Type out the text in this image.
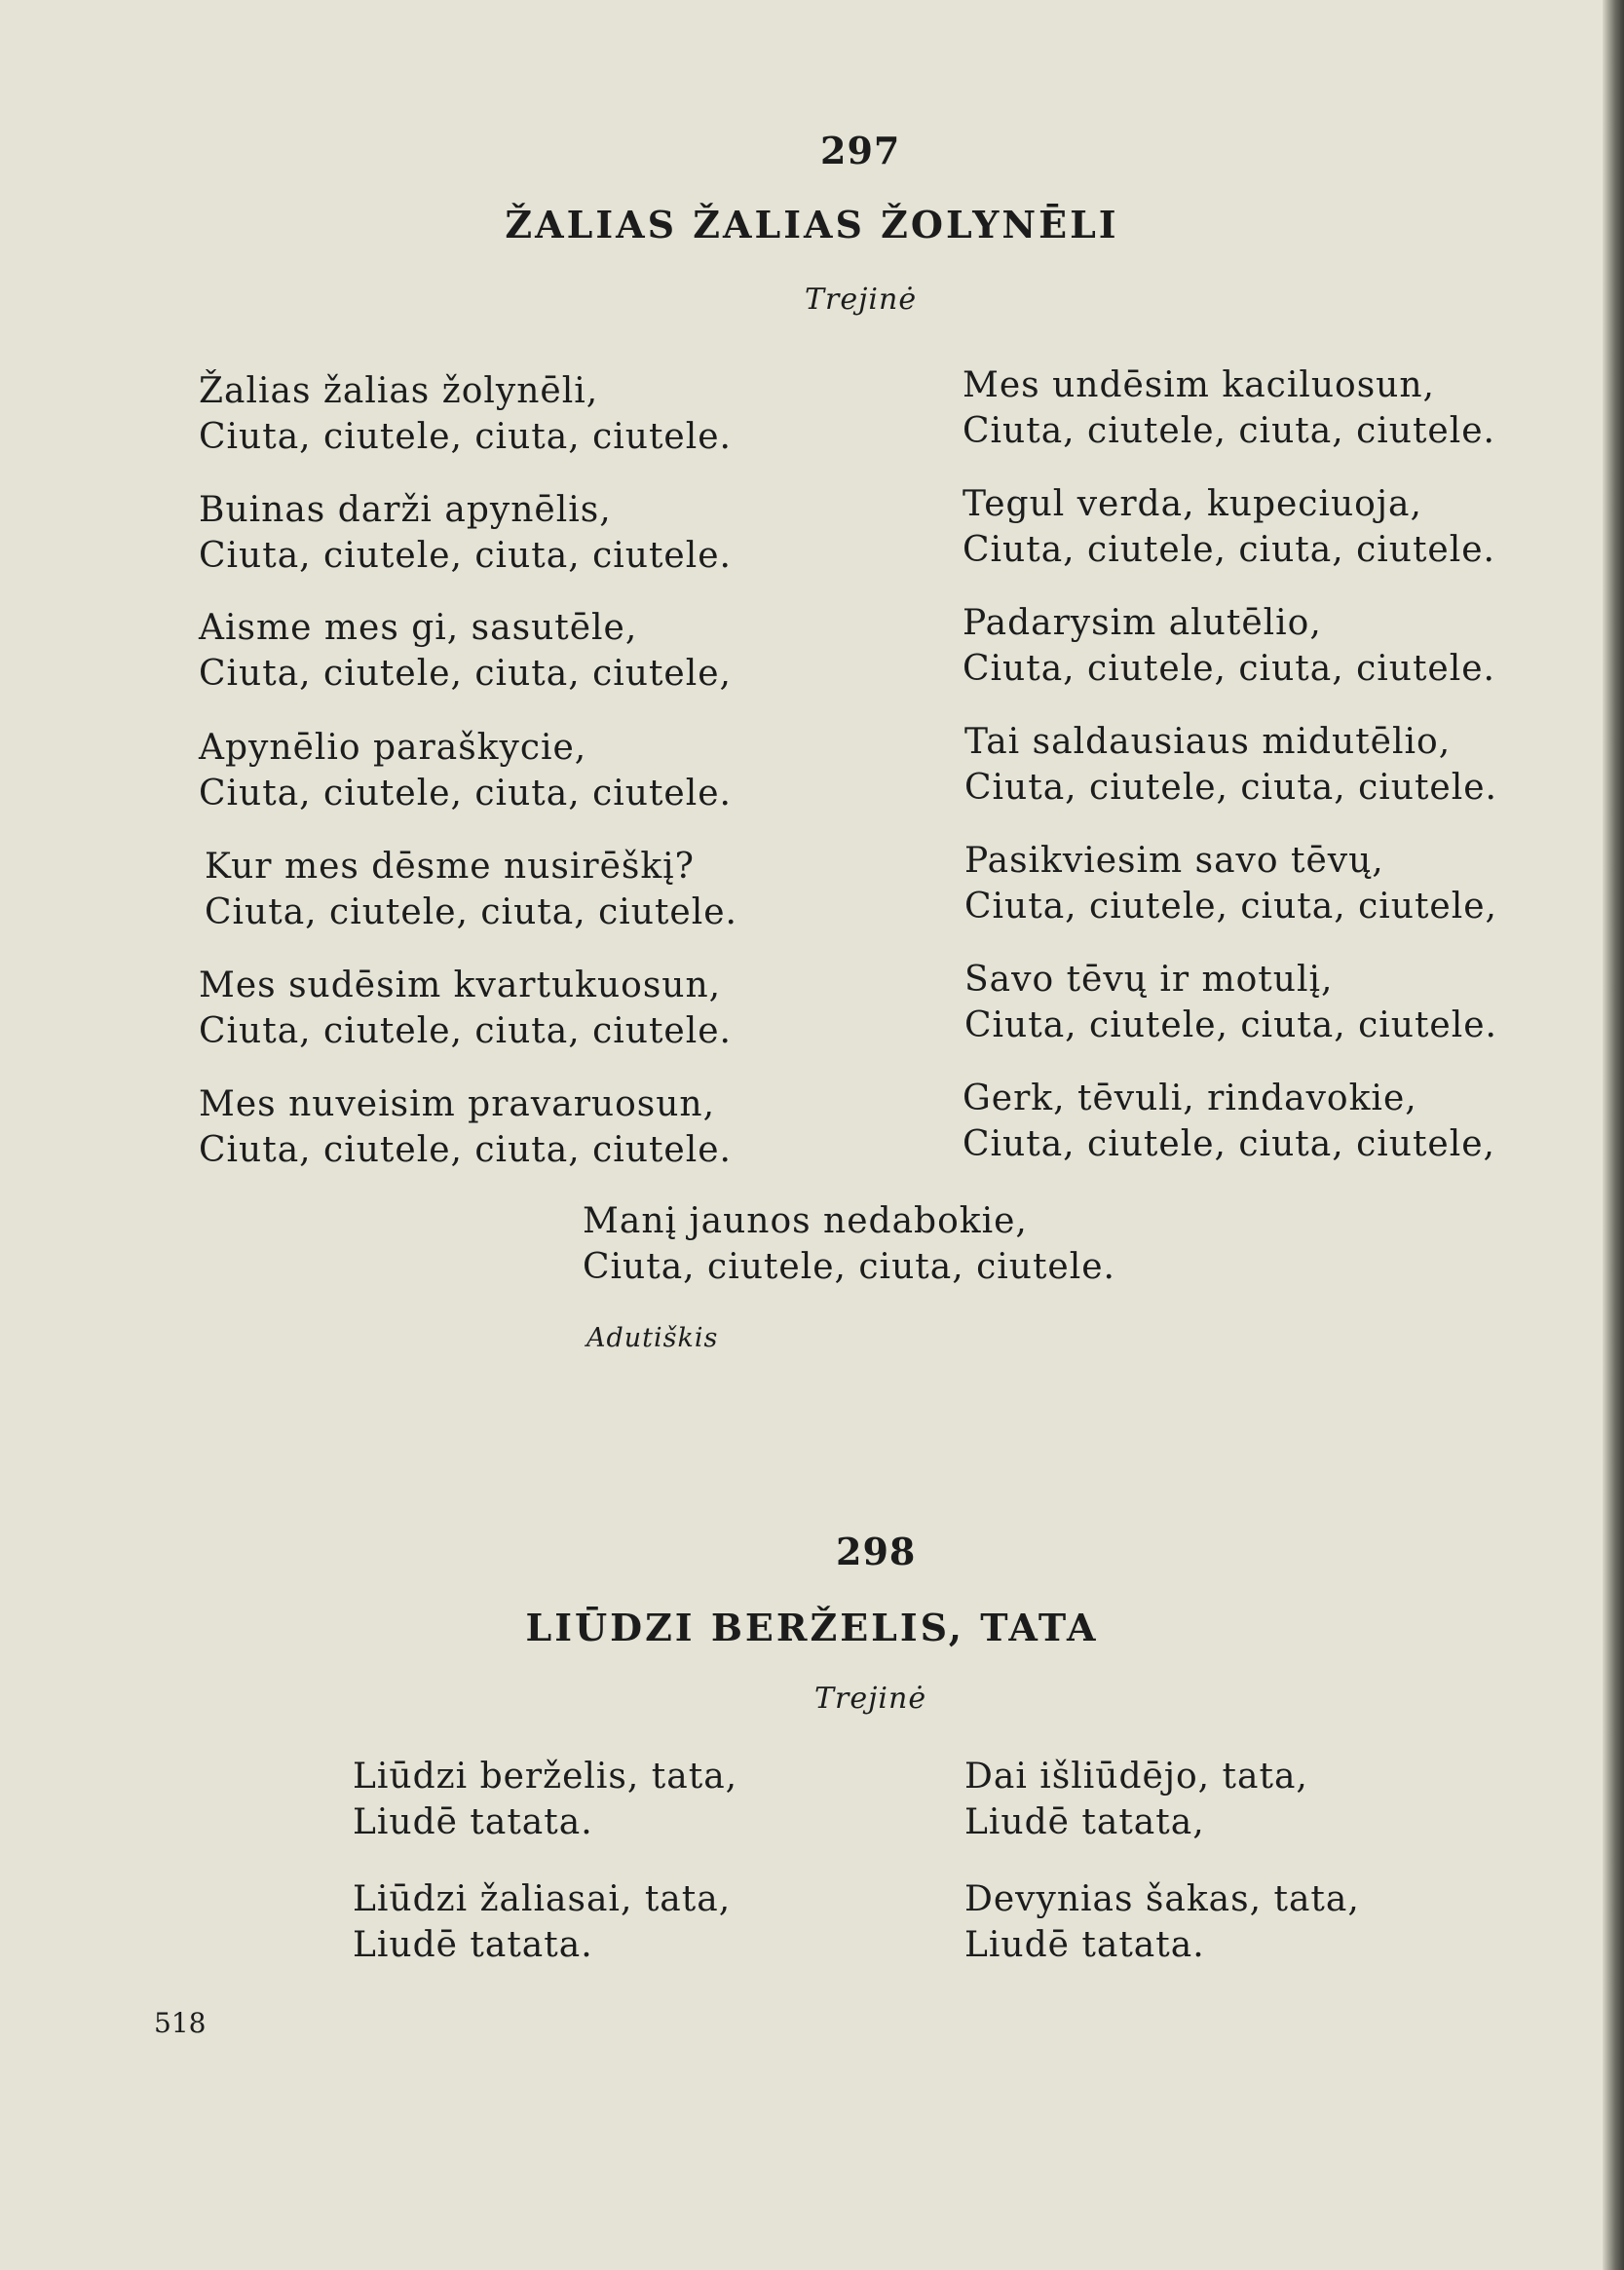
297
ŽALIAS ŽALIAS ŽOLYNĒLI
Trejinė
Žalias žalias žolynēli,
Ciuta, ciutele, ciuta, ciutele.
Buinas darži apynēlis,
Ciuta, ciutele, ciuta, ciutele.
Aisme mes gi, sasutēle,
Ciuta, ciutele, ciuta, ciutele,
Apynēlio paraškycie,
Ciuta, ciutele, ciuta, ciutele.
Kur mes dēsme nusirēškį?
Ciuta, ciutele, ciuta, ciutele.
Mes sudēsim kvartukuosun,
Ciuta, ciutele, ciuta, ciutele.
Mes nuveisim pravaruosun,
Ciuta, ciutele, ciuta, ciutele.
Mes undēsim kaciluosun,
Ciuta, ciutele, ciuta, ciutele.
Tegul verda, kupeciuoja,
Ciuta, ciutele, ciuta, ciutele.
Padarysim alutēlio,
Ciuta, ciutele, ciuta, ciutele.
Tai saldausiaus midutēlio,
Ciuta, ciutele, ciuta, ciutele.
Pasikviesim savo tēvų,
Ciuta, ciutele, ciuta, ciutele,
Savo tēvų ir motulį,
Ciuta, ciutele, ciuta, ciutele.
Gerk, tēvuli, rindavokie,
Ciuta, ciutele, ciuta, ciutele,
Manį jaunos nedabokie,
Ciuta, ciutele, ciuta, ciutele.
Adutiškis
298
LIŪDZI BERŽELIS, TATA
Trejinė
Liūdzi berželis, tata,
Liudē tatata.
Liūdzi žaliasai, tata,
Liudē tatata.
Dai išliūdējo, tata,
Liudē tatata,
Devynias šakas, tata,
Liudē tatata.
518
